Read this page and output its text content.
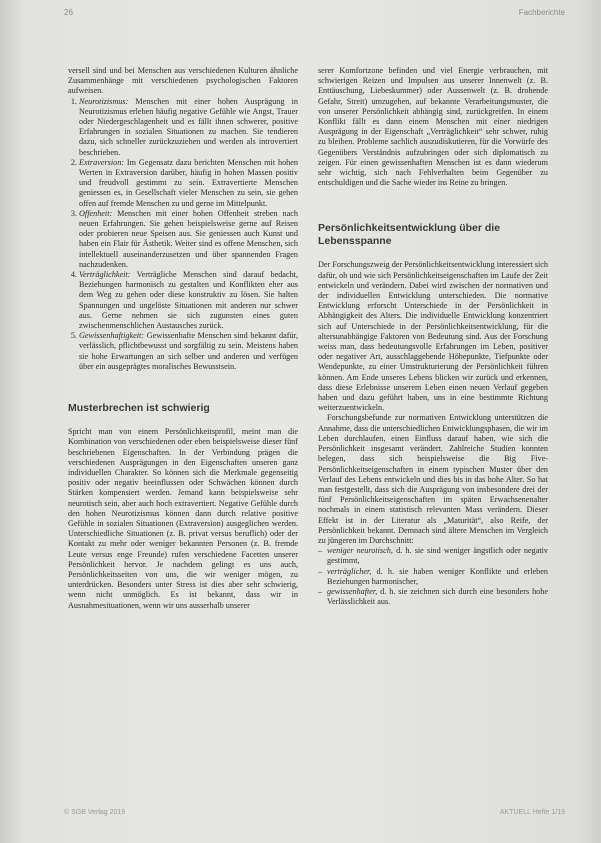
26	Fachberichte

versell sind und bei Menschen aus verschiedenen Kulturen ähnliche Zusammenhänge mit verschiedenen psychologischen Faktoren aufweisen.

1. Neurotizismus: Menschen mit einer hohen Ausprägung in Neurotizismus erleben häufig negative Gefühle wie Angst, Trauer oder Niedergeschlagenheit und es fällt ihnen schwerer, positive Erfahrungen in sozialen Situationen zu machen. Sie tendieren dazu, sich schneller zurückzuziehen und werden als introvertiert beschrieben.
2. Extraversion: Im Gegensatz dazu berichten Menschen mit hohen Werten in Extraversion darüber, häufig in hohen Massen positiv und freudvoll gestimmt zu sein. Extravertierte Menschen geniessen es, in Gesellschaft vieler Menschen zu sein, sie gehen offen auf fremde Menschen zu und gerne im Mittelpunkt.
3. Offenheit: Menschen mit einer hohen Offenheit streben nach neuen Erfahrungen. Sie gehen beispielsweise gerne auf Reisen oder probieren neue Speisen aus. Sie geniessen auch Kunst und haben ein Flair für Ästhetik. Weiter sind es offene Menschen, sich intellektuell auseinanderzusetzen und über spannenden Fragen nachzudenken.
4. Verträglichkeit: Verträgliche Menschen sind darauf bedacht, Beziehungen harmonisch zu gestalten und Konflikten eher aus dem Weg zu gehen oder diese konstruktiv zu lösen. Sie halten Spannungen und ungelöste Situationen mit anderen nur schwer aus. Gerne nehmen sie sich zugunsten eines guten zwischenmenschlichen Austausches zurück.
5. Gewissenhaftigkeit: Gewissenhafte Menschen sind bekannt dafür, verlässlich, pflichtbewusst und sorgfältig zu sein. Meistens haben sie hohe Erwartungen an sich selber und anderen und verfügen über ein ausgeprägtes moralisches Bewusstsein.
Musterbrechen ist schwierig

Spricht man von einem Persönlichkeitsprofil, meint man die Kombination von verschiedenen oder eben beispielsweise dieser fünf beschriebenen Eigenschaften. In der Verbindung prägen die verschiedenen Ausprägungen in den Eigenschaften unseren ganz individuellen Charakter. So können sich die Merkmale gegenseitig positiv oder negativ beeinflussen oder Schwächen können durch Stärken kompensiert werden. Jemand kann beispielsweise sehr neurotisch sein, aber auch hoch extravertiert. Negative Gefühle durch den hohen Neurotizismus können dann durch relative positive Gefühle in sozialen Situationen (Extraversion) ausgeglichen werden. Unterschiedliche Situationen (z. B. privat versus beruflich) oder der Kontakt zu mehr oder weniger bekannten Personen (z. B. fremde Leute versus enge Freunde) rufen verschiedene Facetten unserer Persönlichkeit hervor. Je nachdem gelingt es uns auch, Persönlichkeitsseiten von uns, die wir weniger mögen, zu unterdrücken. Besonders unter Stress ist dies aber sehr schwierig, wenn nicht unmöglich. Es ist bekannt, dass wir in Ausnahmesituationen, wenn wir uns ausserhalb unserer

serer Komfortzone befinden und viel Energie verbrauchen, mit schwierigen Reizen und Impulsen aus unserer Innenwelt (z. B. Enttäuschung, Liebeskummer) oder Aussenwelt (z. B. drohende Gefahr, Streit) umzugehen, auf bekannte Verarbeitungsmuster, die von unserer Persönlichkeit abhängig sind, zurückgreifen. In einem Konflikt fällt es dann einem Menschen mit einer niedrigen Ausprägung in der Eigenschaft „Verträglichkeit“ sehr schwer, ruhig zu bleiben. Probleme sachlich auszudiskutieren, für die Vorwürfe des Gegenübers Verständnis aufzubringen oder sich diplomatisch zu zeigen. Für einen gewissenhaften Menschen ist es dann wiederum sehr wichtig, sich nach Fehlverhalten beim Gegenüber zu entschuldigen und die Sache wieder ins Reine zu bringen.

Persönlichkeitsentwicklung über die Lebensspanne

Der Forschungszweig der Persönlichkeitsentwicklung interessiert sich dafür, ob und wie sich Persönlichkeitseigenschaften im Laufe der Zeit entwickeln und verändern. Dabei wird zwischen der normativen und der individuellen Entwicklung unterschieden. Die normative Entwicklung erforscht Unterschiede in der Persönlichkeit in Abhängigkeit des Alters. Die individuelle Entwicklung konzentriert sich auf Unterschiede in der Persönlichkeitsentwicklung, für die altersunabhängige Faktoren von Bedeutung sind. Aus der Forschung weiss man, dass bedeutungsvolle Erfahrungen im Leben, positiver oder negativer Art, ausschlaggebende Höhepunkte, Tiefpunkte oder Wendepunkte, zu einer Umstrukturierung der Persönlichkeit führen können. Am Ende unseres Lebens blicken wir zurück und erkennen, dass diese Erlebnisse unserem Leben einen neuen Verlauf gegeben haben und dazu geführt haben, uns in eine bestimmte Richtung weiterzuentwickeln.

Forschungsbefunde zur normativen Entwicklung unterstützen die Annahme, dass die unterschiedlichen Entwicklungsphasen, die wir im Leben durchlaufen, einen Einfluss darauf haben, wie sich die Persönlichkeit insgesamt verändert. Zahlreiche Studien konnten belegen, dass sich beispielsweise die Big Five-Persönlichkeitseigenschaften in einem typischen Muster über den Verlauf des Lebens entwickeln und dies bis in das hohe Alter. So hat man festgestellt, dass sich die Ausprägung von insbesondere drei der fünf Persönlichkeitseigenschaften im späten Erwachsenenalter nochmals in einem statistisch relevanten Mass verändern. Dieser Effekt ist in der Literatur als „Maturität“, also Reife, der Persönlichkeit bekannt. Demnach sind ältere Menschen im Vergleich zu jüngeren im Durchschnitt:

– weniger neurotisch, d. h. sie sind weniger ängstlich oder negativ gestimmt,
– verträglicher, d. h. sie haben weniger Konflikte und erleben Beziehungen harmonischer,
– gewissenhafter, d. h. sie zeichnen sich durch eine besonders hohe Verlässlichkeit aus.
© SGB Verlag 2019	AKTUELL Hefte 1/19
